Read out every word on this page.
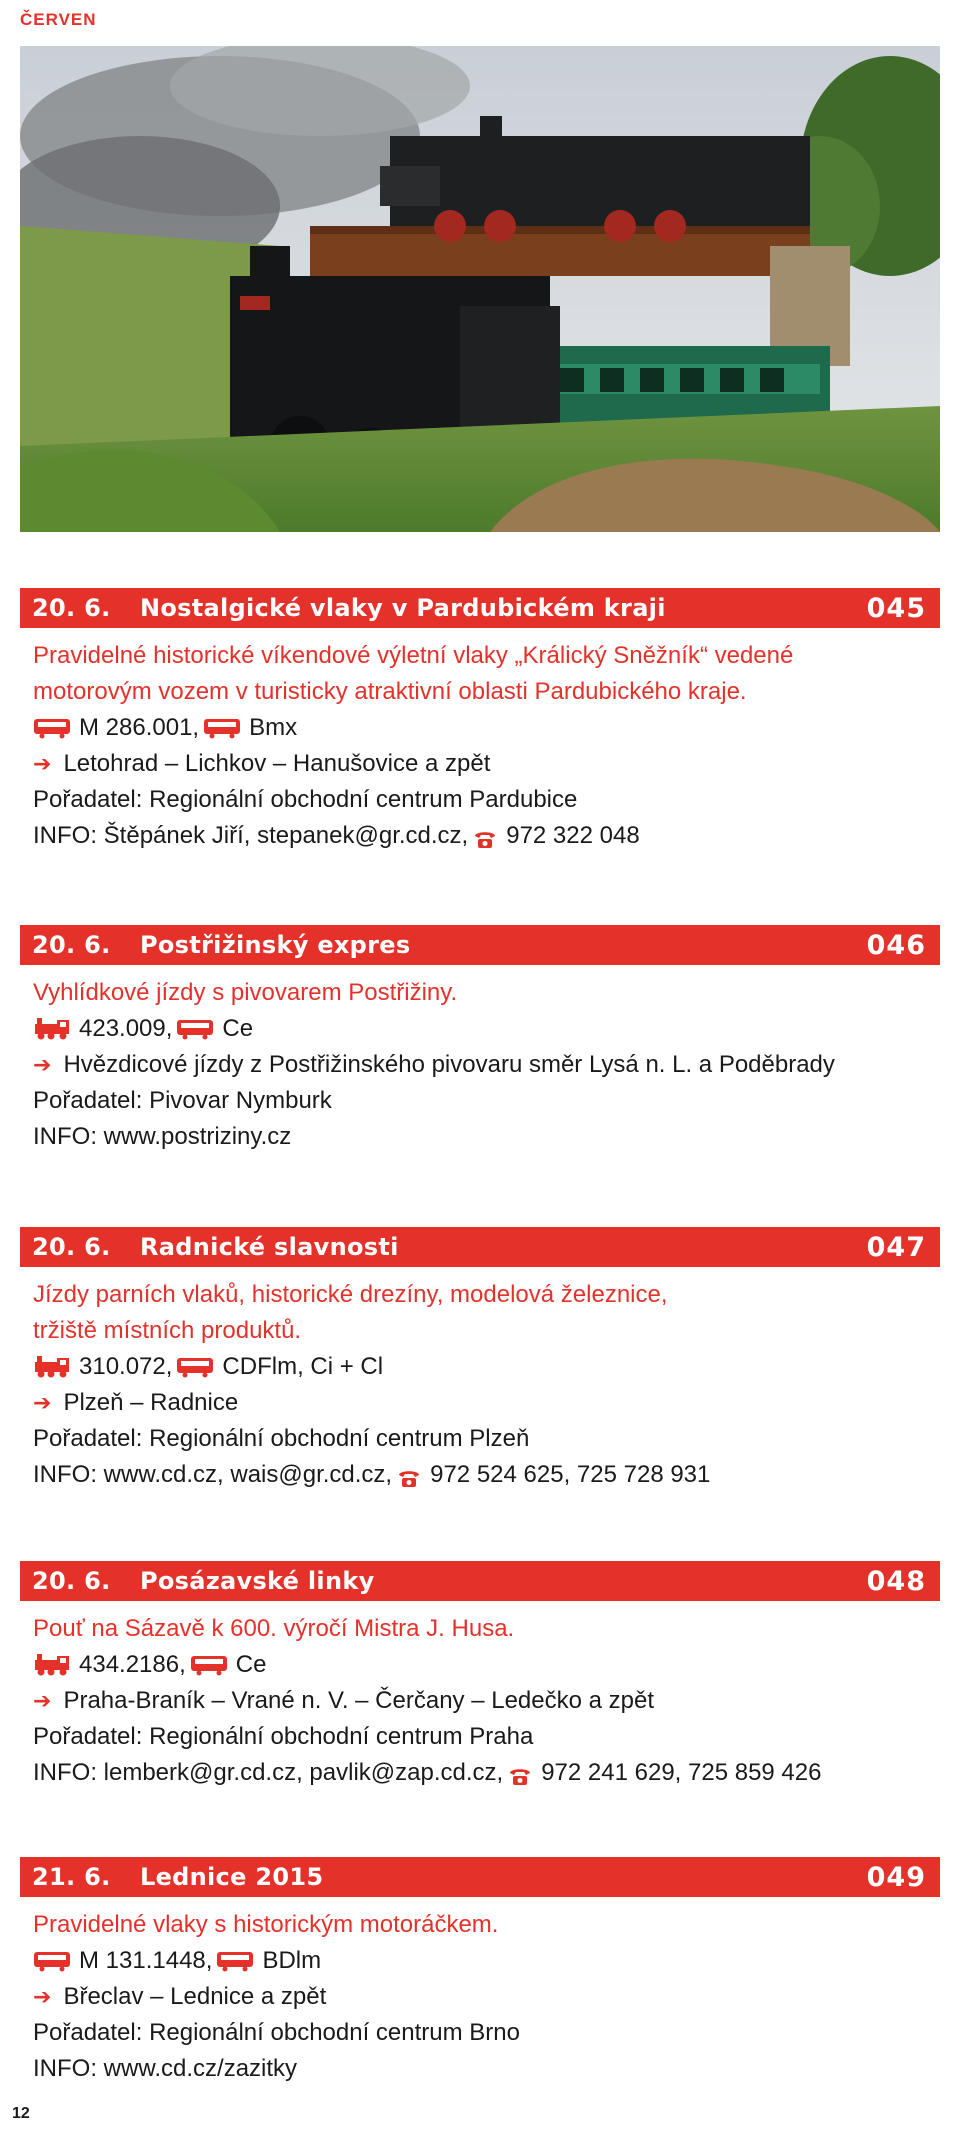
ČERVEN
20. 6.	Nostalgické vlaky v Pardubickém kraji	045
Pravidelné historické víkendové výletní vlaky „Králický Sněžník“ vedené
motorovým vozem v turisticky atraktivní oblasti Pardubického kraje.
M 286.001, Bmx
➔ Letohrad – Lichkov – Hanušovice a zpět
Pořadatel: Regionální obchodní centrum Pardubice
INFO: Štěpánek Jiří, stepanek@gr.cd.cz, 972 322 048
20. 6.	Postřižinský expres	046
Vyhlídkové jízdy s pivovarem Postřižiny.
423.009, Ce
➔ Hvězdicové jízdy z Postřižinského pivovaru směr Lysá n. L. a Poděbrady
Pořadatel: Pivovar Nymburk
INFO: www.postriziny.cz
20. 6.	Radnické slavnosti	047
Jízdy parních vlaků, historické drezíny, modelová železnice,
tržiště místních produktů.
310.072, CDFlm, Ci + Cl
➔ Plzeň – Radnice
Pořadatel: Regionální obchodní centrum Plzeň
INFO: www.cd.cz, wais@gr.cd.cz, 972 524 625, 725 728 931
20. 6.	Posázavské linky	048
Pouť na Sázavě k 600. výročí Mistra J. Husa.
434.2186, Ce
➔ Praha-Braník – Vrané n. V. – Čerčany – Ledečko a zpět
Pořadatel: Regionální obchodní centrum Praha
INFO: lemberk@gr.cd.cz, pavlik@zap.cd.cz, 972 241 629, 725 859 426
21. 6.	Lednice 2015	049
Pravidelné vlaky s historickým motoráčkem.
M 131.1448, BDlm
➔ Břeclav – Lednice a zpět
Pořadatel: Regionální obchodní centrum Brno
INFO: www.cd.cz/zazitky
12
